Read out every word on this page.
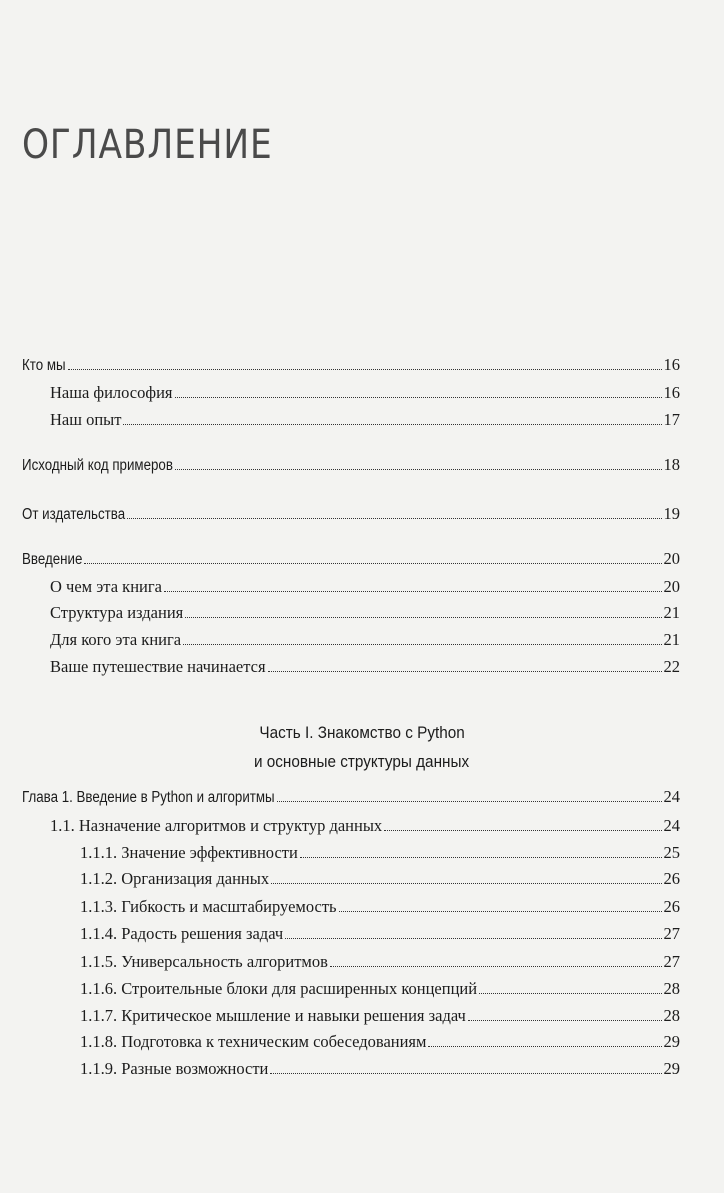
ОГЛАВЛЕНИЕ
Кто мы	16
Наша философия	16
Наш опыт	17
Исходный код примеров	18
От издательства	19
Введение	20
О чем эта книга	20
Структура издания	21
Для кого эта книга	21
Ваше путешествие начинается	22
Часть I. Знакомство с Python
и основные структуры данных
Глава 1. Введение в Python и алгоритмы	24
1.1. Назначение алгоритмов и структур данных	24
1.1.1. Значение эффективности	25
1.1.2. Организация данных	26
1.1.3. Гибкость и масштабируемость	26
1.1.4. Радость решения задач	27
1.1.5. Универсальность алгоритмов	27
1.1.6. Строительные блоки для расширенных концепций	28
1.1.7. Критическое мышление и навыки решения задач	28
1.1.8. Подготовка к техническим собеседованиям	29
1.1.9. Разные возможности	29
